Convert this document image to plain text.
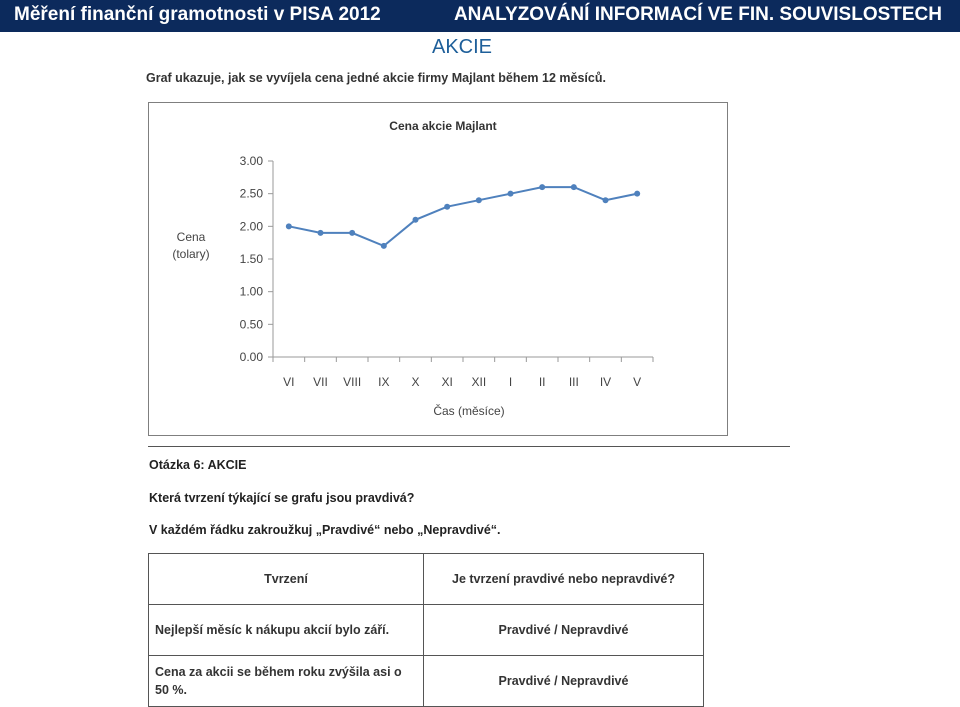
Měření finanční gramotnosti v PISA 2012	ANALYZOVÁNÍ INFORMACÍ VE FIN. SOUVISLOSTECH
AKCIE
Graf ukazuje, jak se vyvíjela cena jedné akcie firmy Majlant během 12 měsíců.
Cena akcie Majlant
0.00
0.50
1.00
1.50
2.00
2.50
3.00
VI VII VIII IX X XI XII I II III IV V
Čas (měsíce)
Cena
(tolary)
Otázka 6: AKCIE
Která tvrzení týkající se grafu jsou pravdivá?
V každém řádku zakroužkuj „Pravdivé“ nebo „Nepravdivé“.
Tvrzení	Je tvrzení pravdivé nebo nepravdivé?
Nejlepší měsíc k nákupu akcií bylo září.	Pravdivé / Nepravdivé
Cena za akcii se během roku zvýšila asi o 50 %.	Pravdivé / Nepravdivé
